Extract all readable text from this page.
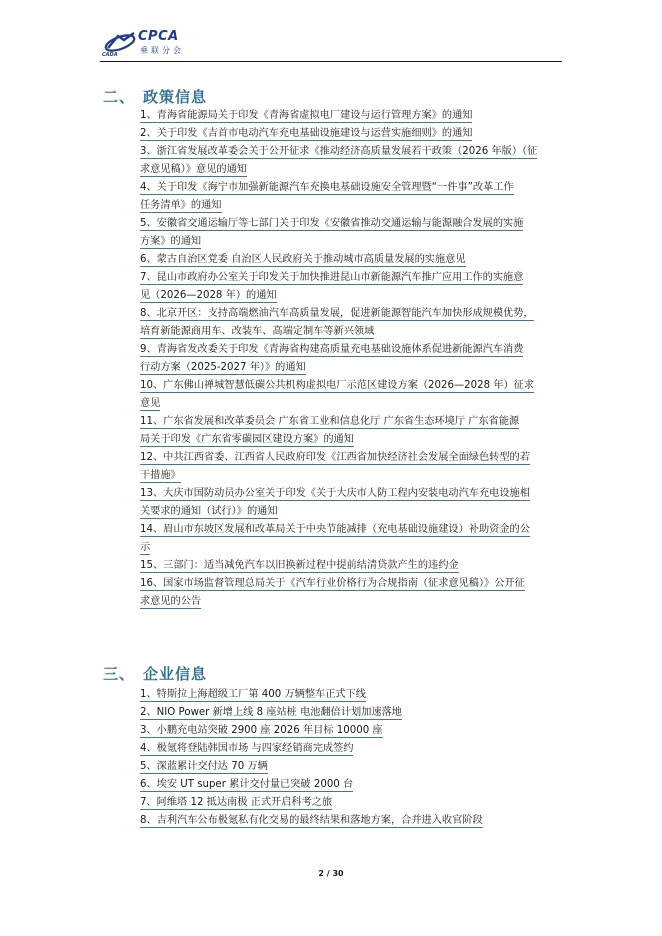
CPCA
乘联分会
CADA
二、 政策信息
1、青海省能源局关于印发《青海省虚拟电厂建设与运行管理方案》的通知
2、关于印发《吉首市电动汽车充电基础设施建设与运营实施细则》的通知
3、浙江省发展改革委会关于公开征求《推动经济高质量发展若干政策（2026 年版）（征
求意见稿）》意见的通知
4、关于印发《海宁市加强新能源汽车充换电基础设施安全管理暨“一件事”改革工作
任务清单》的通知
5、安徽省交通运输厅等七部门关于印发《安徽省推动交通运输与能源融合发展的实施
方案》的通知
6、蒙古自治区党委 自治区人民政府关于推动城市高质量发展的实施意见
7、昆山市政府办公室关于印发关于加快推进昆山市新能源汽车推广应用工作的实施意
见（2026—2028 年）的通知
8、北京开区：支持高端燃油汽车高质量发展，促进新能源智能汽车加快形成规模优势，
培育新能源商用车、改装车、高端定制车等新兴领域
9、青海省发改委关于印发《青海省构建高质量充电基础设施体系促进新能源汽车消费
行动方案（2025-2027 年）》的通知
10、广东佛山禅城智慧低碳公共机构虚拟电厂示范区建设方案（2026—2028 年）征求
意见
11、广东省发展和改革委员会 广东省工业和信息化厅 广东省生态环境厅 广东省能源
局关于印发《广东省零碳园区建设方案》的通知
12、中共江西省委、江西省人民政府印发《江西省加快经济社会发展全面绿色转型的若
干措施》
13、大庆市国防动员办公室关于印发《关于大庆市人防工程内安装电动汽车充电设施相
关要求的通知（试行）》的通知
14、眉山市东坡区发展和改革局关于中央节能减排（充电基础设施建设）补助资金的公
示
15、三部门：适当减免汽车以旧换新过程中提前结清贷款产生的违约金
16、国家市场监督管理总局关于《汽车行业价格行为合规指南（征求意见稿）》公开征
求意见的公告
三、 企业信息
1、特斯拉上海超级工厂第 400 万辆整车正式下线
2、NIO Power 新增上线 8 座站桩 电池翻倍计划加速落地
3、小鹏充电站突破 2900 座 2026 年目标 10000 座
4、极氪将登陆韩国市场 与四家经销商完成签约
5、深蓝累计交付达 70 万辆
6、埃安 UT super 累计交付量已突破 2000 台
7、阿维塔 12 抵达南极 正式开启科考之旅
8、吉利汽车公布极氪私有化交易的最终结果和落地方案，合并进入收官阶段
2 / 30
